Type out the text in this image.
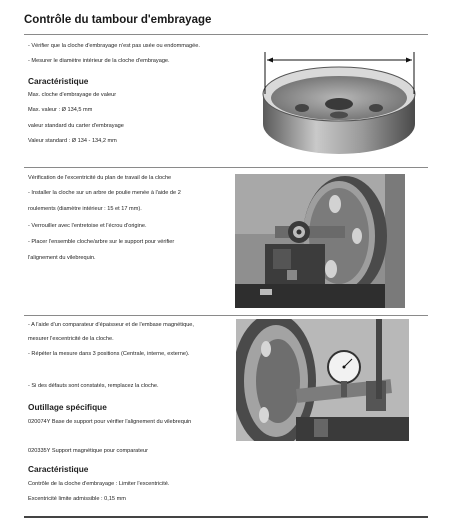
Contrôle du tambour d'embrayage
- Vérifier que la cloche d'embrayage n'est pas usée ou endommagée.
- Mesurer le diamètre intérieur de la cloche d'embrayage.
Caractéristique
Max. cloche d'embrayage de valeur
Max. valeur : Ø 134,5 mm
valeur standard du carter d'embrayage
Valeur standard : Ø 134 - 134,2 mm
Vérification de l'excentricité du plan de travail de la cloche
- Installer la cloche sur un arbre de poulie menée à l'aide de 2
roulements (diamètre intérieur : 15 et 17 mm).
- Verrouiller avec l'entretoise et l'écrou d'origine.
- Placer l'ensemble cloche/arbre sur le support pour vérifier
l'alignement du vilebrequin.
- A l'aide d'un comparateur d'épaisseur et de l'embase magnétique,
mesurer l'excentricité de la cloche.
- Répéter la mesure dans 3 positions (Centrale, interne, externe).
- Si des défauts sont constatés, remplacez la cloche.
Outillage spécifique
020074Y Base de support pour vérifier l'alignement du vilebrequin
020335Y Support magnétique pour comparateur
Caractéristique
Contrôle de la cloche d'embrayage : Limiter l'excentricité.
Excentricité limite admissible : 0,15 mm
